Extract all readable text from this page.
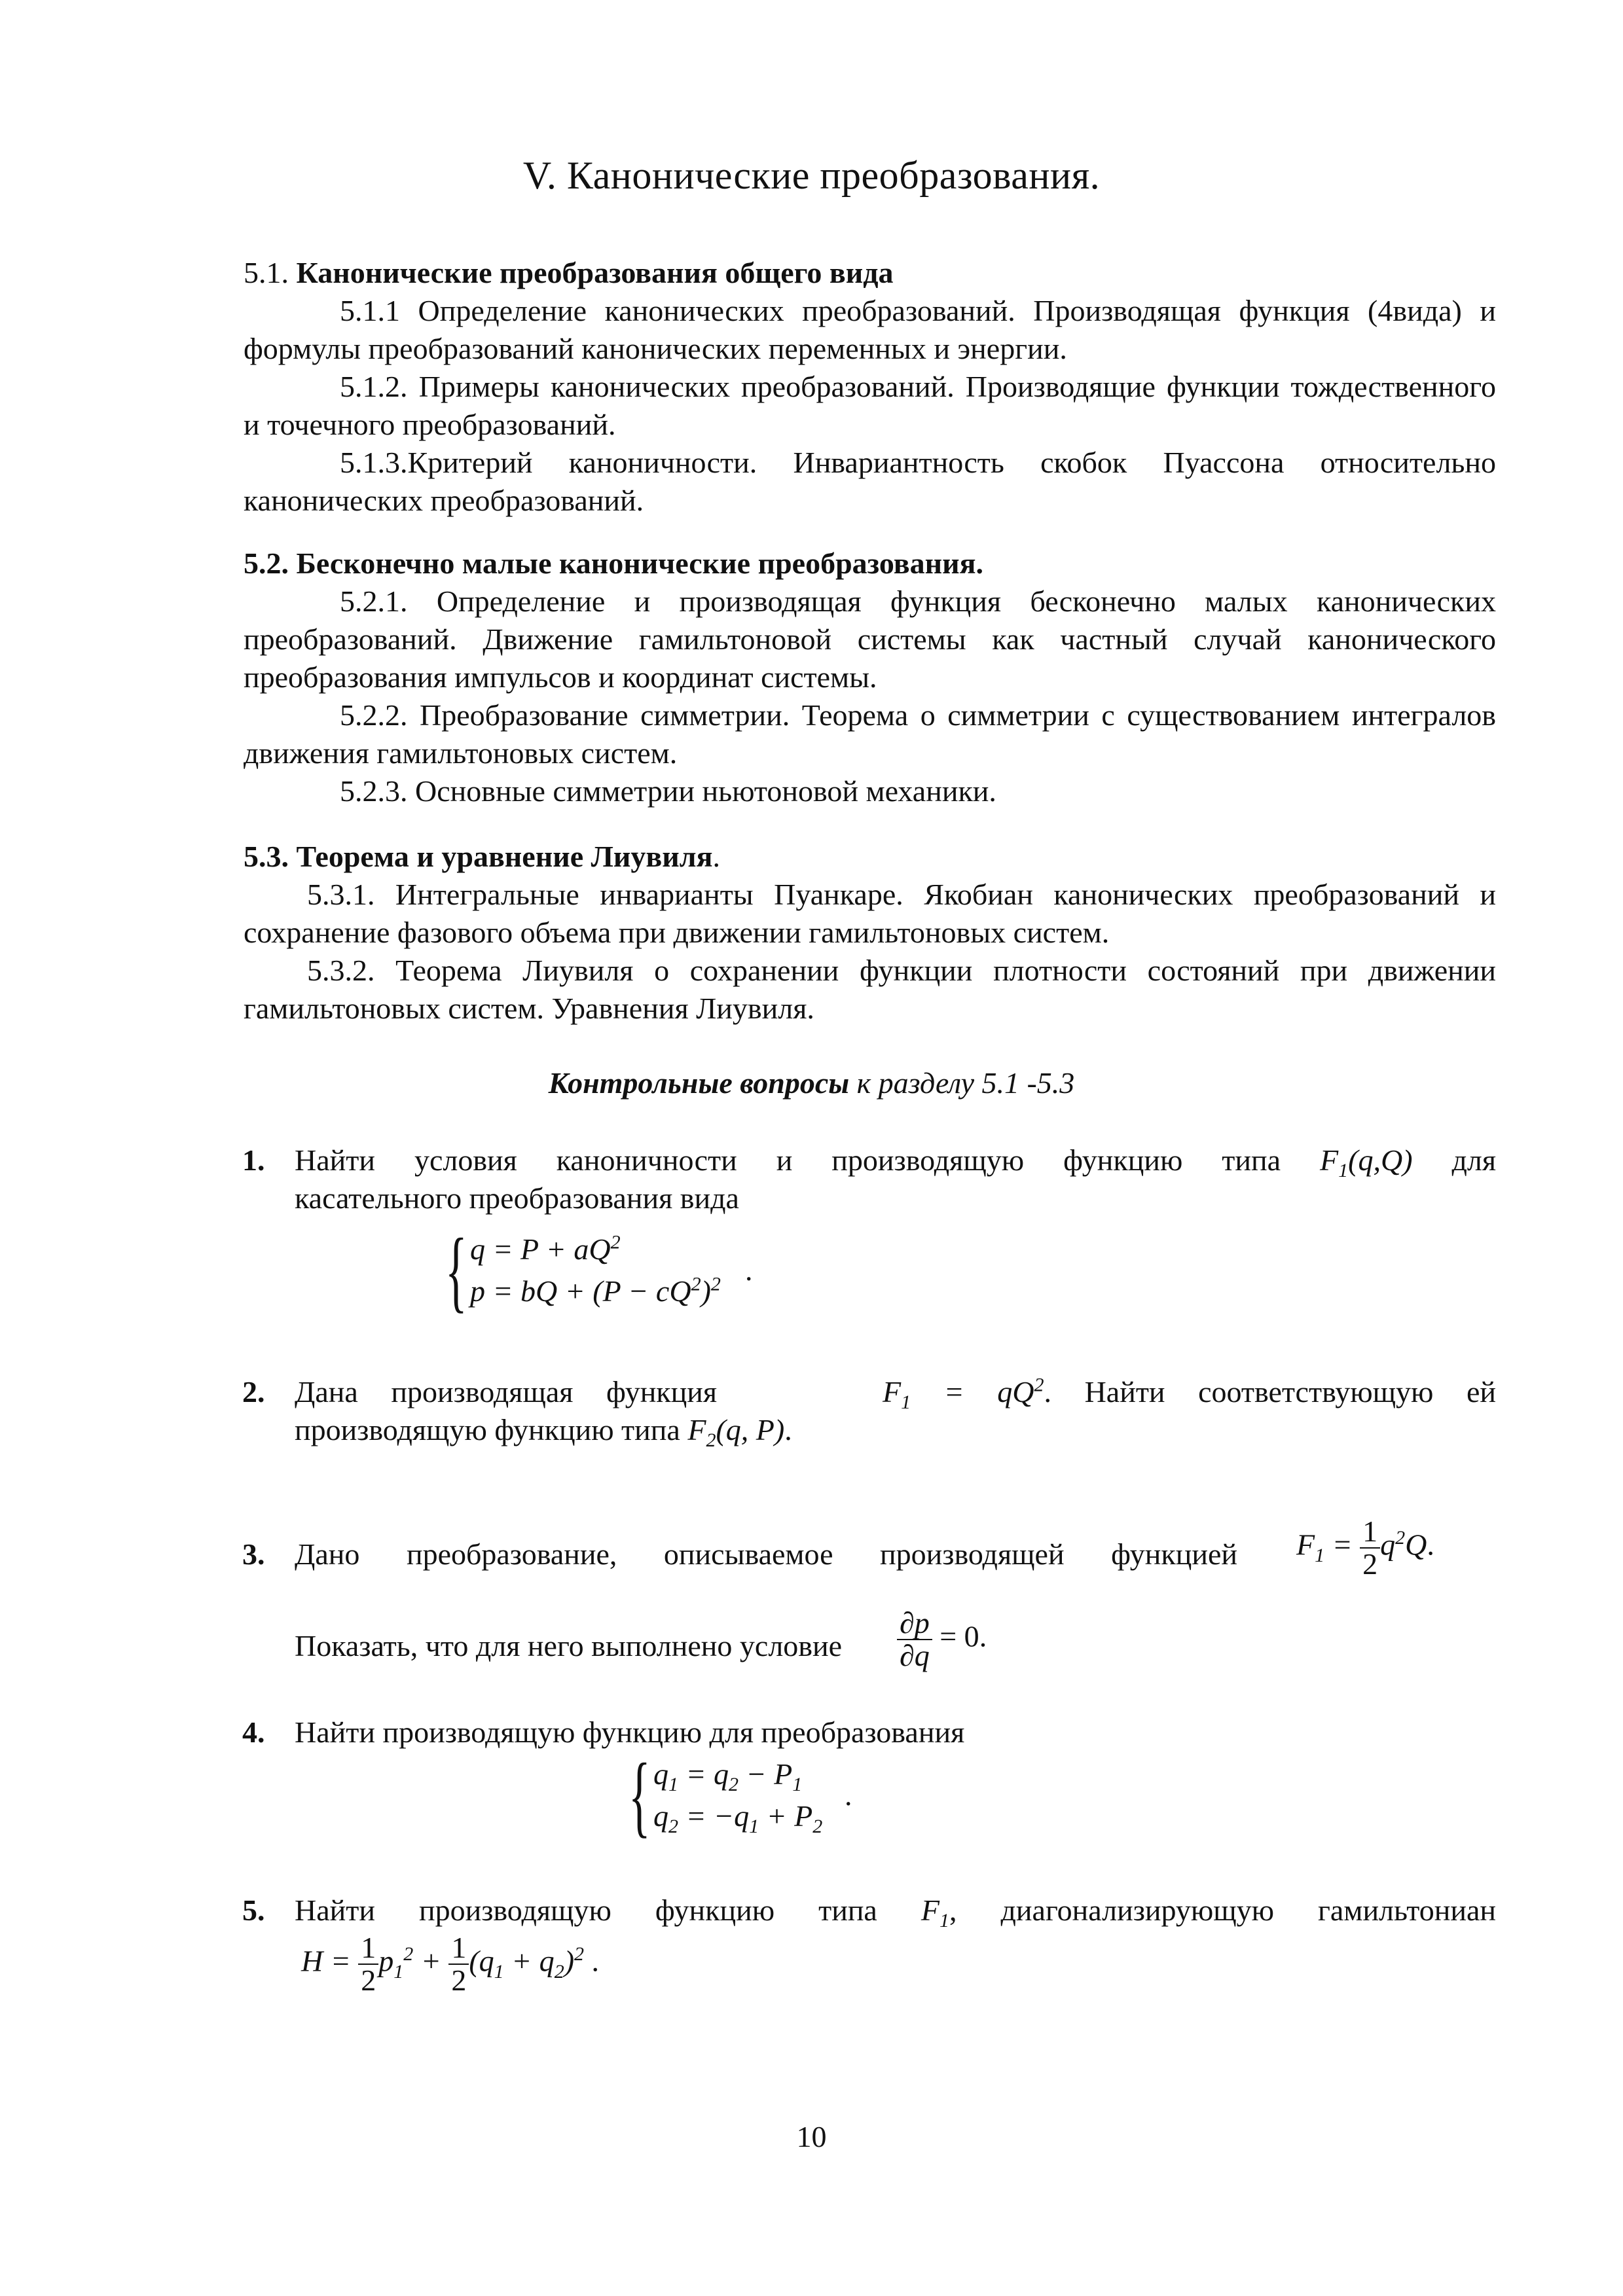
V. Канонические преобразования.

5.1. Канонические преобразования общего вида

5.1.1 Определение канонических преобразований. Производящая функция (4вида) и формулы преобразований канонических переменных и энергии.

5.1.2. Примеры канонических преобразований. Производящие функции тождественного и точечного преобразований.

5.1.3.Критерий каноничности. Инвариантность скобок Пуассона относительно канонических преобразований.

5.2. Бесконечно малые канонические преобразования.

5.2.1. Определение и производящая функция бесконечно малых канонических преобразований. Движение гамильтоновой системы как частный случай канонического преобразования импульсов и координат системы.

5.2.2. Преобразование симметрии. Теорема о симметрии с существованием интегралов движения гамильтоновых систем.

5.2.3. Основные симметрии ньютоновой механики.

5.3. Теорема и уравнение Лиувиля.

5.3.1. Интегральные инварианты Пуанкаре. Якобиан канонических преобразований и сохранение фазового объема при движении гамильтоновых систем.

5.3.2. Теорема Лиувиля о сохранении функции плотности состояний при движении гамильтоновых систем. Уравнения Лиувиля.

Контрольные вопросы к разделу 5.1 -5.3

1. Найти условия каноничности и производящую функцию типа $F_1(q,Q)$ для
касательного преобразования вида
{ $q = P + aQ^2$
p = bQ + $(P - cQ^2)^2$ .
2. Дана производящая функция	$F_1 = qQ^2$. Найти соответствующую ей
производящую функцию типа $F_2(q$, P).
3. Дано преобразование, описываемое производящей функцией $F_1 = \frac{1}{2} q^2Q$.
Показать, что для него выполнено условие $\frac{\partial p}{\partial q} = 0$.
4. Найти производящую функцию для преобразования
{ $q_1 = q_2 - P_1$
$q_2 = -q_1 + P_2$
.
5. Найти производящую функцию типа $F_1$, диагонализирующую гамильтониан
$H = \frac{1}{2} p_1^2 + \frac{1}{2} (q_1 + q_2)^2$ .
10
